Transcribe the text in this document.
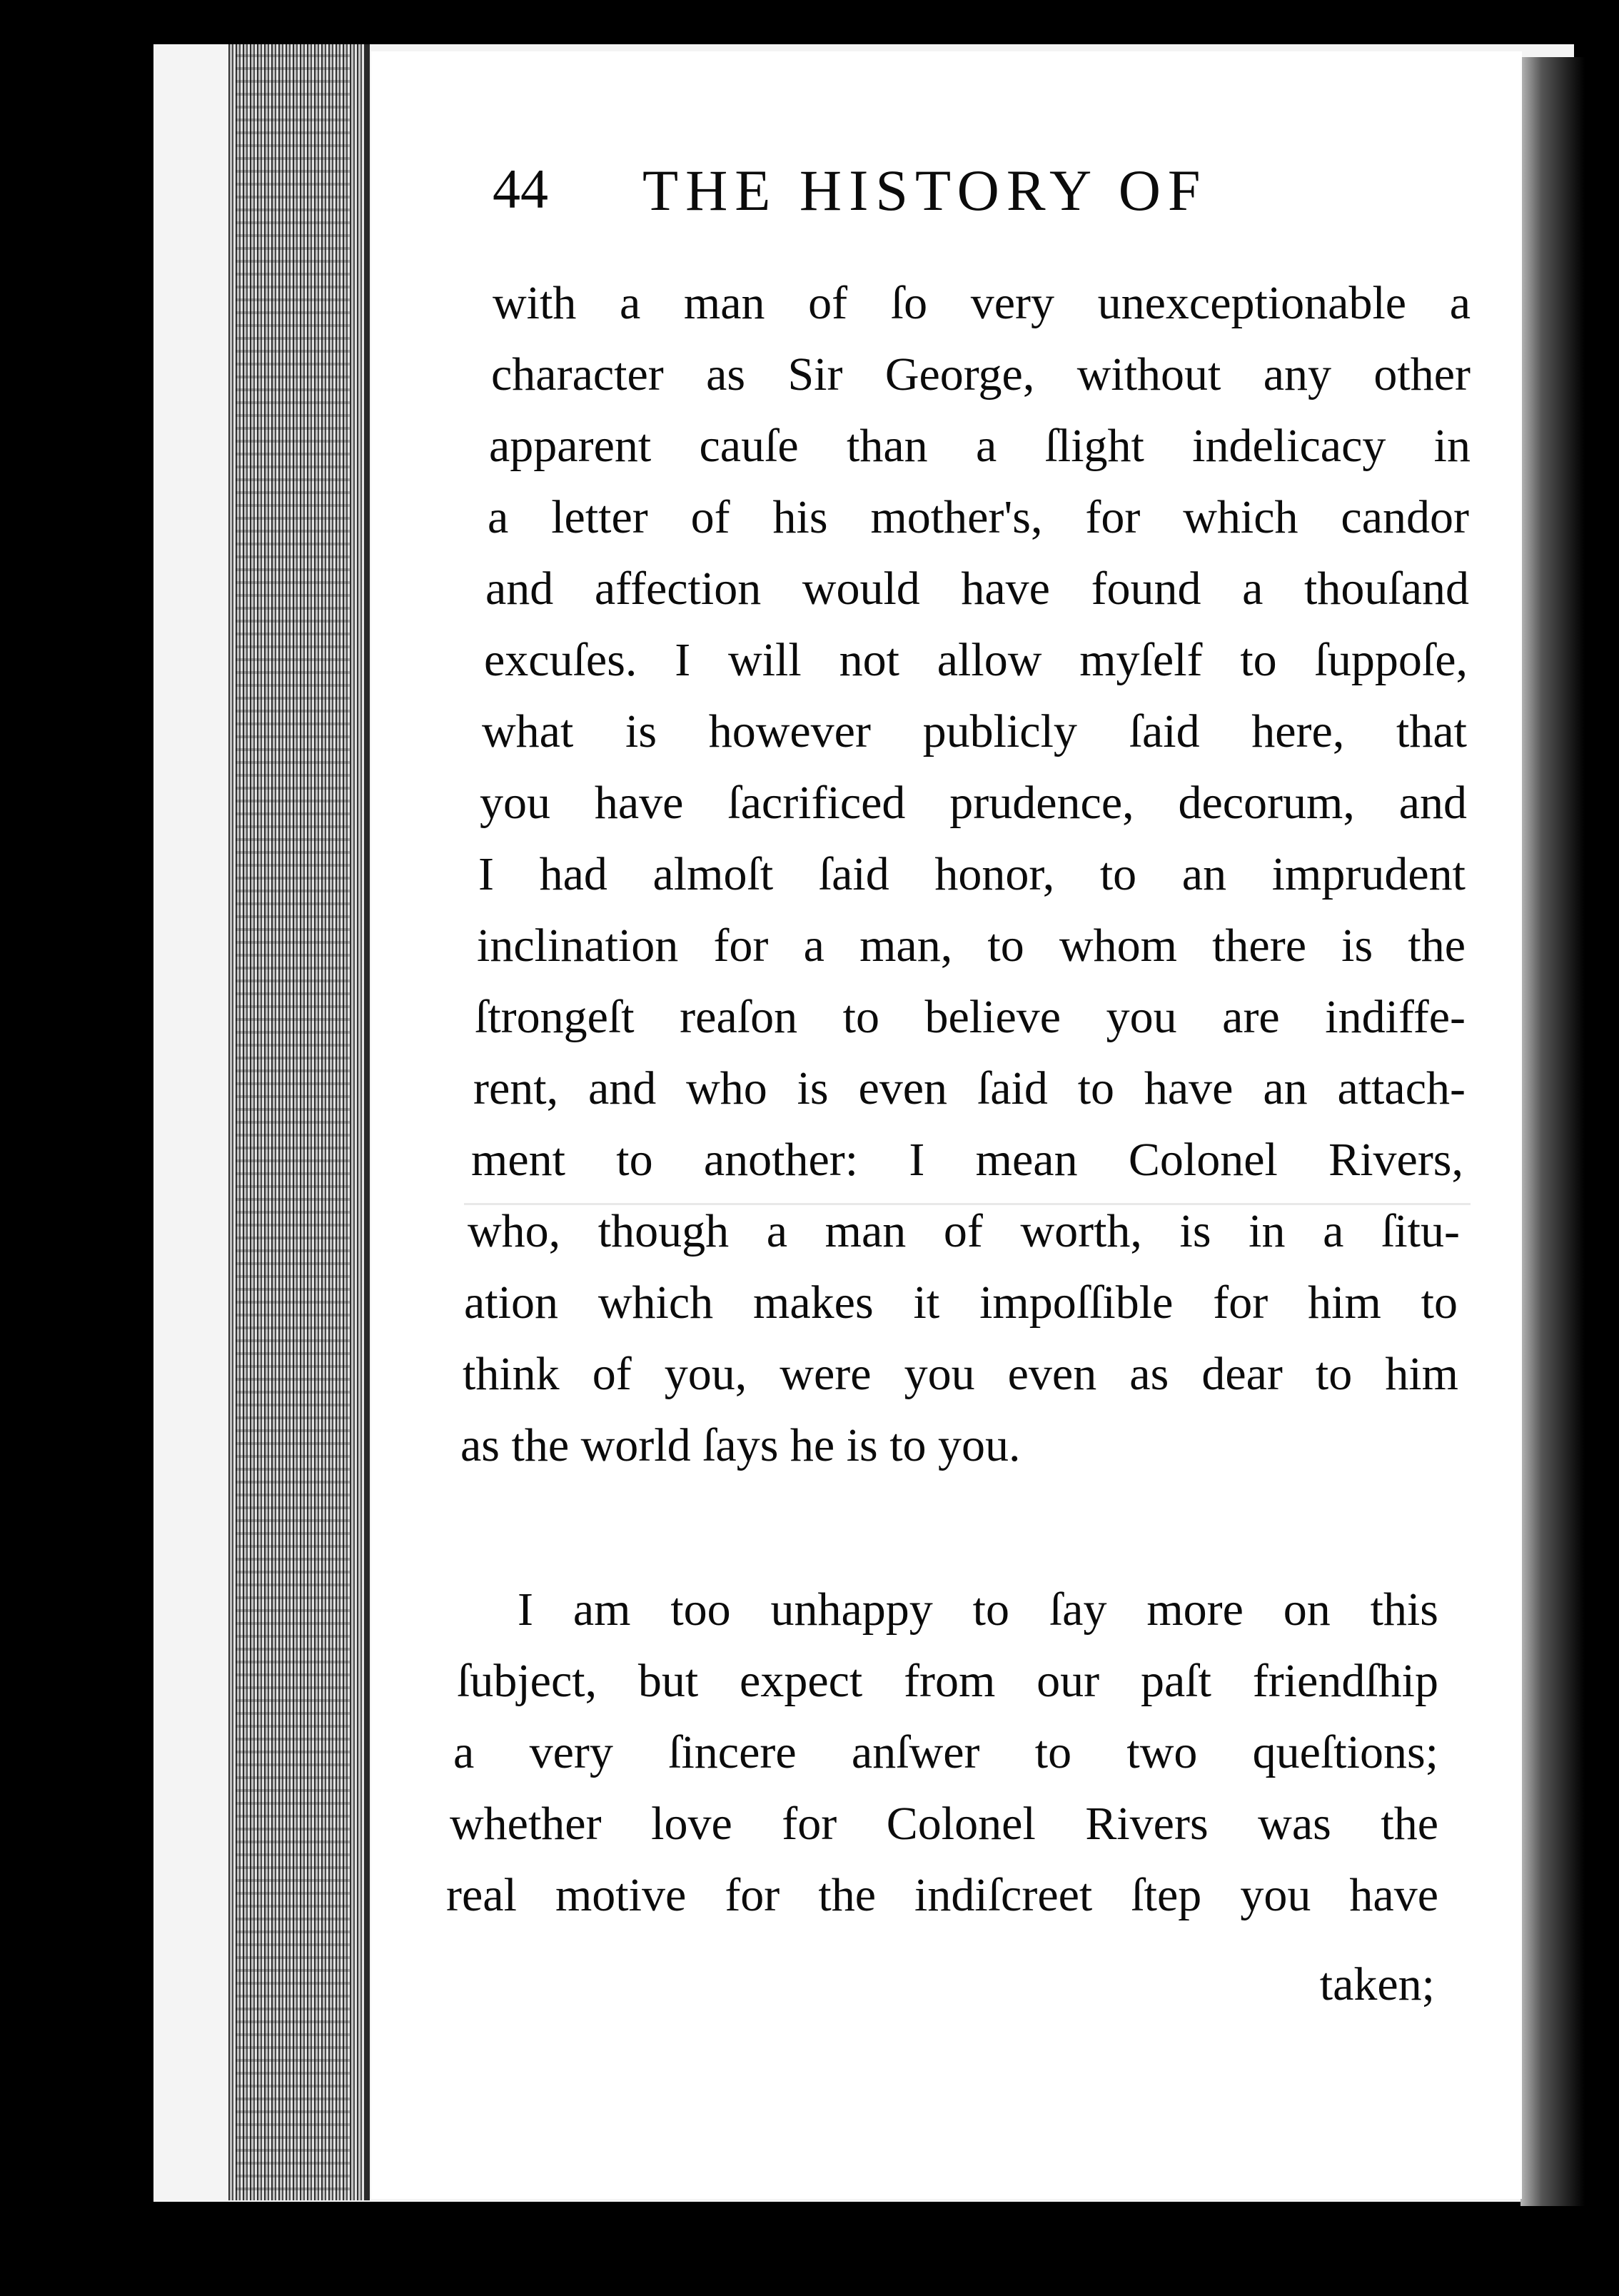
44 THE HISTORY OF
with a man of ſo very unexceptionable a
character as Sir George, without any other
apparent cauſe than a ſlight indelicacy in
a letter of his mother's, for which candor
and affection would have found a thouſand
excuſes. I will not allow myſelf to ſuppoſe,
what is however publicly ſaid here, that
you have ſacrificed prudence, decorum, and
I had almoſt ſaid honor, to an imprudent
inclination for a man, to whom there is the
ſtrongeſt reaſon to believe you are indiffe-
rent, and who is even ſaid to have an attach-
ment to another: I mean Colonel Rivers,
who, though a man of worth, is in a ſitu-
ation which makes it impoſſible for him to
think of you, were you even as dear to him
as the world ſays he is to you.
I am too unhappy to ſay more on this
ſubject, but expect from our paſt friendſhip
a very ſincere anſwer to two queſtions;
whether love for Colonel Rivers was the
real motive for the indiſcreet ſtep you have
taken;
